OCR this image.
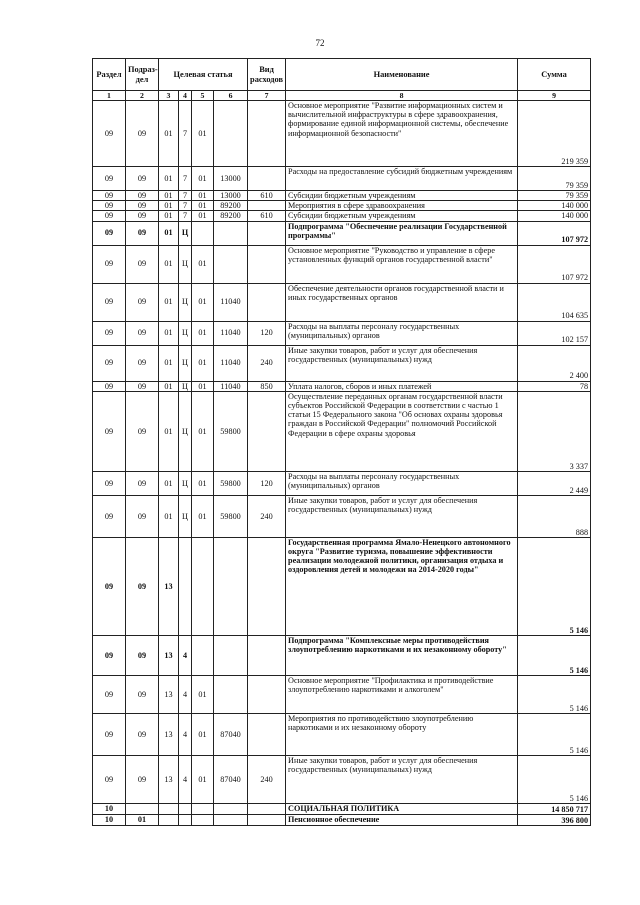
72
Раздел	Подраз-
дел	Целевая статья				Вид
расходов	Наименование	Сумма
1	2	3	4	5	6	7	8	9
09	09	01	7	01			Основное мероприятие "Развитие информационных систем и вычислительной инфраструктуры в сфере здравоохранения, формирование единой информационной системы, обеспечение информационной безопасности"	219 359
09	09	01	7	01	13000		Расходы на предоставление субсидий бюджетным учреждениям	79 359
09	09	01	7	01	13000	610	Субсидии бюджетным учреждениям	79 359
09	09	01	7	01	89200		Мероприятия в сфере здравоохранения	140 000
09	09	01	7	01	89200	610	Субсидии бюджетным учреждениям	140 000
09	09	01	Ц				Подпрограмма "Обеспечение реализации Государственной программы"	107 972
09	09	01	Ц	01			Основное мероприятие "Руководство и управление в сфере установленных функций органов государственной власти"	107 972
09	09	01	Ц	01	11040		Обеспечение деятельности органов государственной власти и иных государственных органов	104 635
09	09	01	Ц	01	11040	120	Расходы на выплаты персоналу государственных (муниципальных) органов	102 157
09	09	01	Ц	01	11040	240	Иные закупки товаров, работ и услуг для обеспечения государственных (муниципальных) нужд	2 400
09	09	01	Ц	01	11040	850	Уплата налогов, сборов и иных платежей	78
09	09	01	Ц	01	59800		Осуществление переданных органам государственной власти субъектов Российской Федерации в соответствии с частью 1 статьи 15 Федерального закона "Об основах охраны здоровья граждан в Российской Федерации" полномочий Российской Федерации в сфере охраны здоровья	3 337
09	09	01	Ц	01	59800	120	Расходы на выплаты персоналу государственных (муниципальных) органов	2 449
09	09	01	Ц	01	59800	240	Иные закупки товаров, работ и услуг для обеспечения государственных (муниципальных) нужд	888
09	09	13					Государственная программа Ямало-Ненецкого автономного округа "Развитие туризма, повышение эффективности реализации молодежной политики, организация отдыха и оздоровления детей и молодежи на 2014-2020 годы"	5 146
09	09	13	4				Подпрограмма "Комплексные меры противодействия злоупотреблению наркотиками и их незаконному обороту"	5 146
09	09	13	4	01			Основное мероприятие "Профилактика и противодействие злоупотреблению наркотиками и алкоголем"	5 146
09	09	13	4	01	87040		Мероприятия по противодействию злоупотреблению наркотиками и их незаконному обороту	5 146
09	09	13	4	01	87040	240	Иные закупки товаров, работ и услуг для обеспечения государственных (муниципальных) нужд	5 146
10							СОЦИАЛЬНАЯ ПОЛИТИКА	14 850 717
10	01						Пенсионное обеспечение	396 800
